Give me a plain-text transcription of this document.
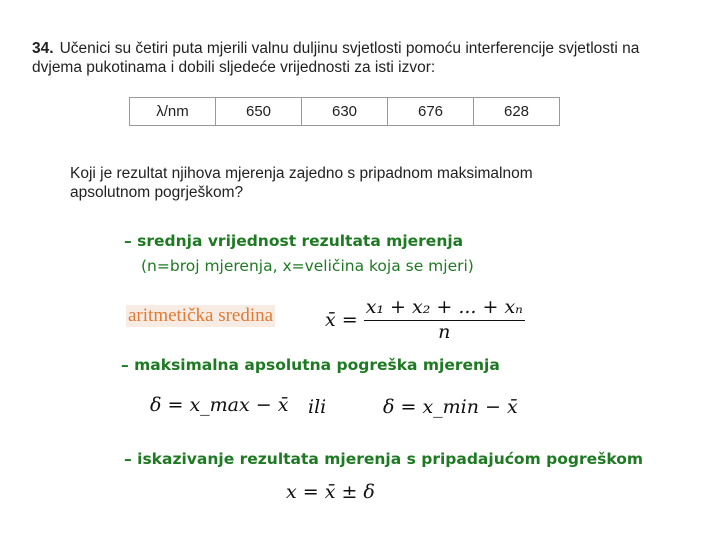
34. Učenici su četiri puta mjerili valnu duljinu svjetlosti pomoću interferencije svjetlosti na dvjema pukotinama i dobili sljedeće vrijednosti za isti izvor:
λ/nm	650	630	676	628
Koji je rezultat njihova mjerenja zajedno s pripadnom maksimalnom apsolutnom pogrješkom?
– srednja vrijednost rezultata mjerenja
(n=broj mjerenja, x=veličina koja se mjeri)
aritmetička sredina	x̄ = $\frac{\text{x₁ + x₂ + ... + xₙ}}{n}$
– maksimalna apsolutna pogreška mjerenja
δ = x_max − x̄ ili	δ = x_min − x̄
– iskazivanje rezultata mjerenja s pripadajućom pogreškom
x = x̄ ± δ
